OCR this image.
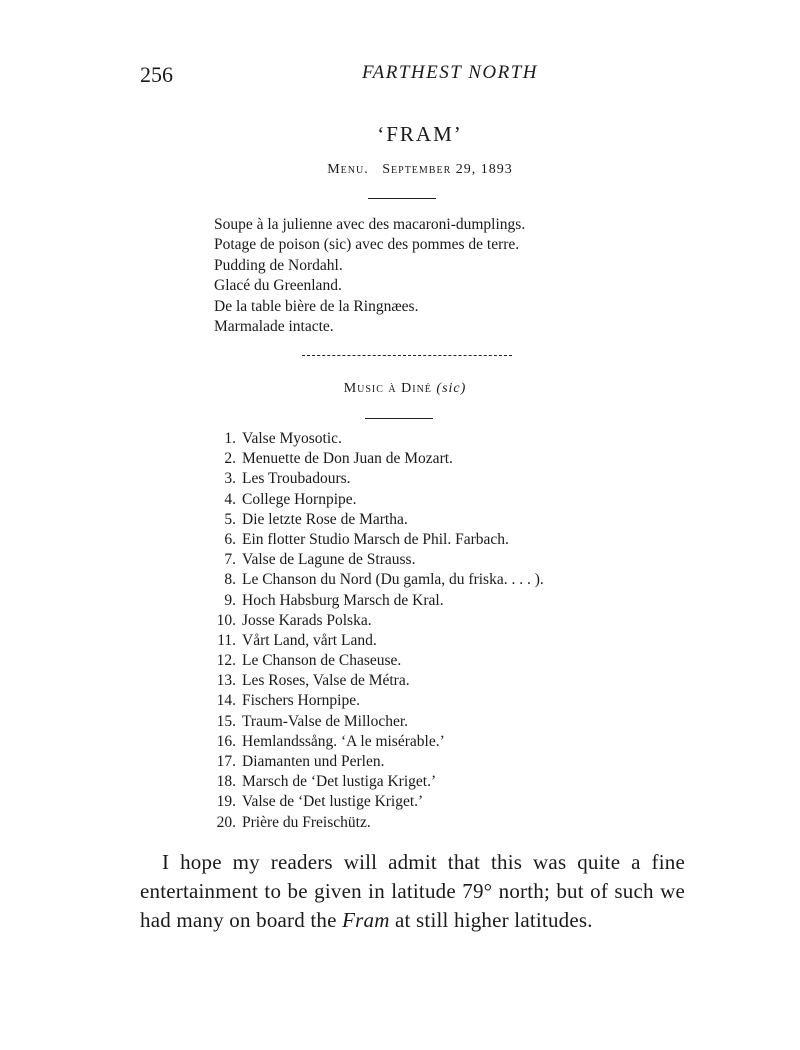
256	FARTHEST NORTH
‘FRAM’
Menu. September 29, 1893
Soupe à la julienne avec des macaroni-dumplings.
Potage de poison (sic) avec des pommes de terre.
Pudding de Nordahl.
Glacé du Greenland.
De la table bière de la Ringnæes.
Marmalade intacte.
Music à Diné (sic)
1. Valse Myosotic.
2. Menuette de Don Juan de Mozart.
3. Les Troubadours.
4. College Hornpipe.
5. Die letzte Rose de Martha.
6. Ein flotter Studio Marsch de Phil. Farbach.
7. Valse de Lagune de Strauss.
8. Le Chanson du Nord (Du gamla, du friska. . . . ).
9. Hoch Habsburg Marsch de Kral.
10. Josse Karads Polska.
11. Vårt Land, vårt Land.
12. Le Chanson de Chaseuse.
13. Les Roses, Valse de Métra.
14. Fischers Hornpipe.
15. Traum-Valse de Millocher.
16. Hemlandssång. ‘A le misérable.’
17. Diamanten und Perlen.
18. Marsch de ‘Det lustiga Kriget.’
19. Valse de ‘Det lustige Kriget.’
20. Prière du Freischütz.

I hope my readers will admit that this was quite a fine entertainment to be given in latitude 79° north; but of such we had many on board the Fram at still higher latitudes.
